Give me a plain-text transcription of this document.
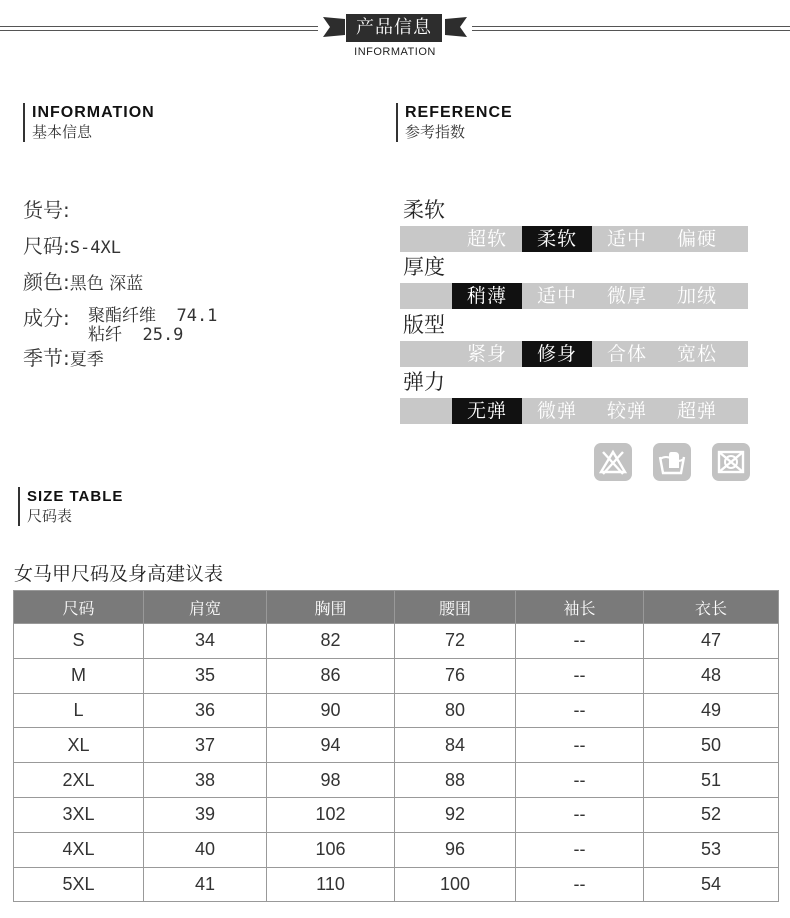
产品信息
INFORMATION
INFORMATION
基本信息
REFERENCE
参考指数
货号:
尺码:S-4XL
颜色:黑色 深蓝
成分: 聚酯纤维  74.1
粘纤  25.9
季节:夏季
柔软
超软	柔软	适中	偏硬
厚度
稍薄	适中	微厚	加绒
版型
紧身	修身	合体	宽松
弹力
无弹	微弹	较弹	超弹
SIZE TABLE
尺码表
女马甲尺码及身高建议表
尺码	肩宽	胸围	腰围	袖长	衣长
S	34	82	72	--	47
M	35	86	76	--	48
L	36	90	80	--	49
XL	37	94	84	--	50
2XL	38	98	88	--	51
3XL	39	102	92	--	52
4XL	40	106	96	--	53
5XL	41	110	100	--	54
